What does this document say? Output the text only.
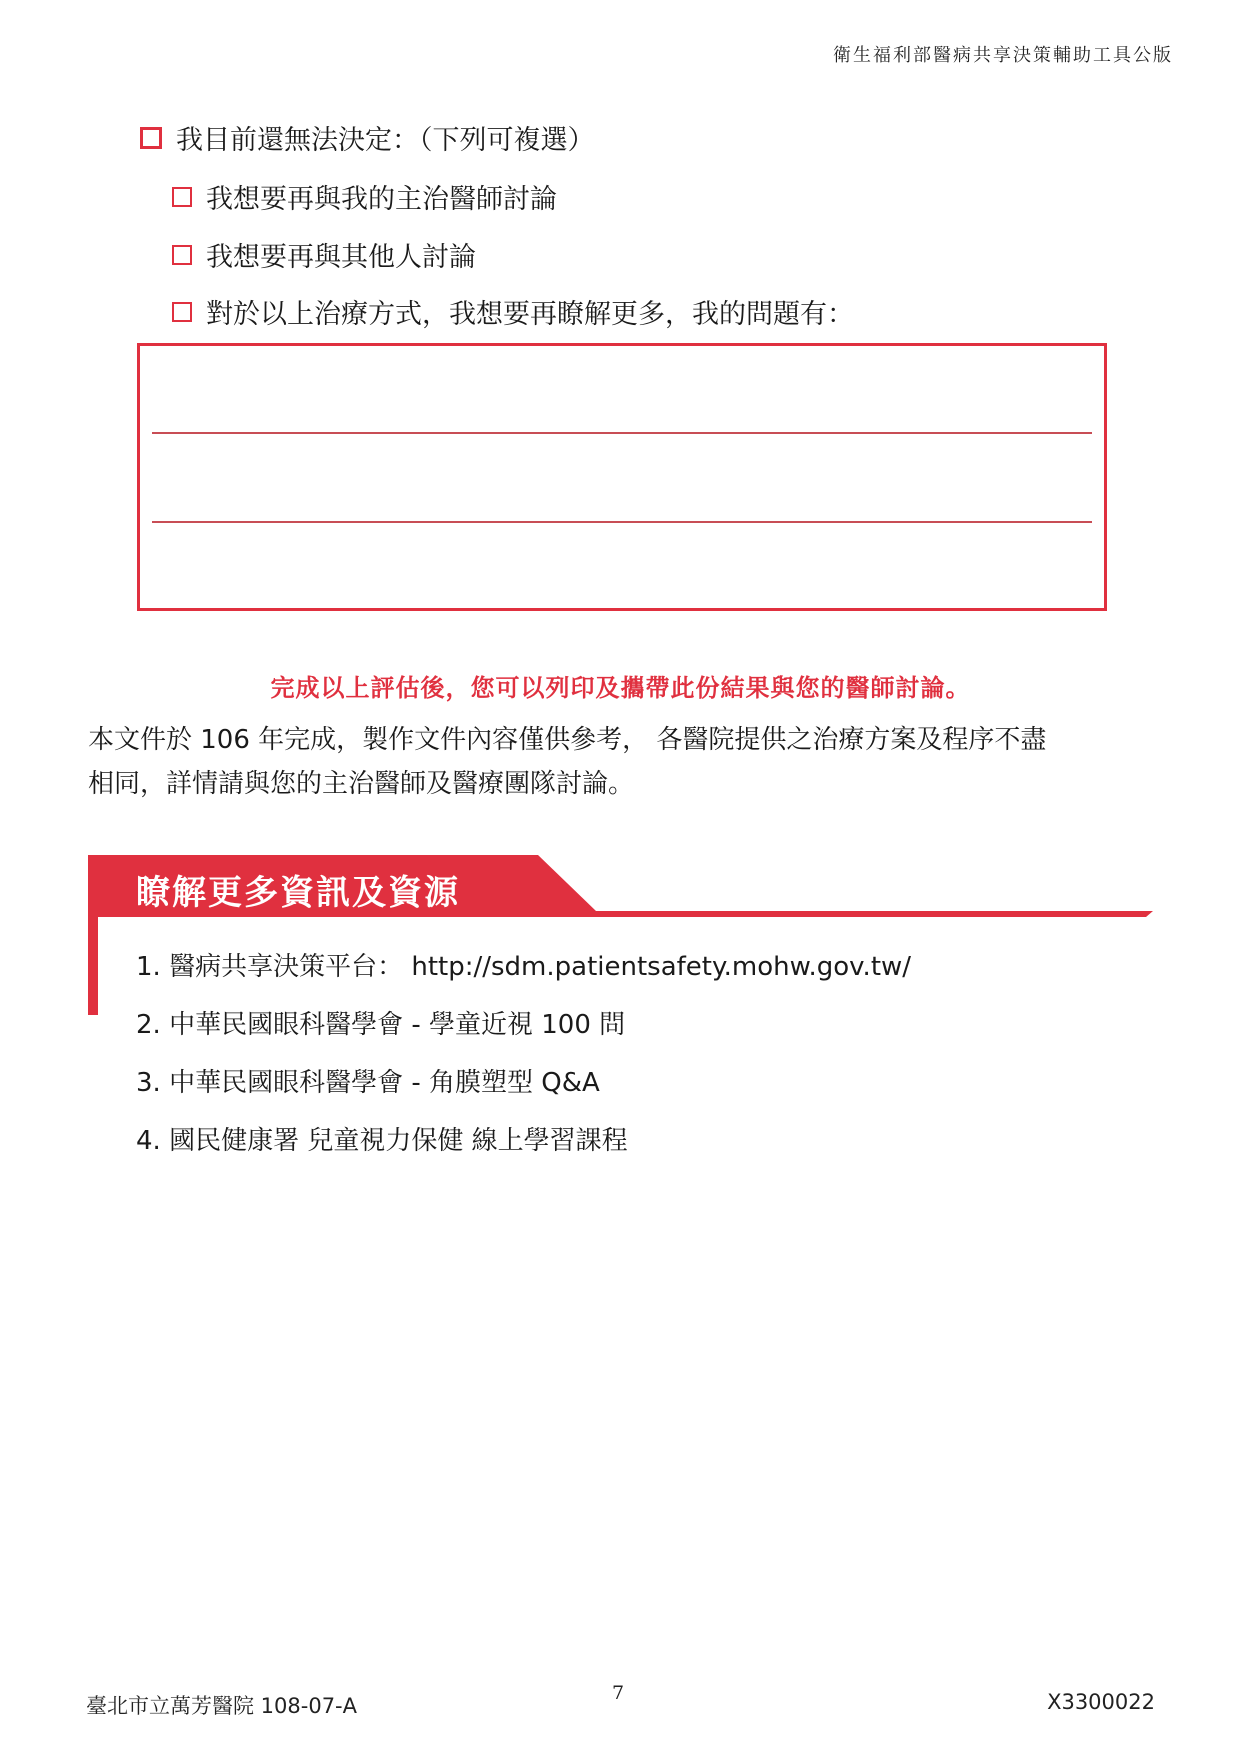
衛生福利部醫病共享決策輔助工具公版
我目前還無法決定：（下列可複選）
我想要再與我的主治醫師討論
我想要再與其他人討論
對於以上治療方式，我想要再瞭解更多，我的問題有：
完成以上評估後，您可以列印及攜帶此份結果與您的醫師討論。
本文件於 106 年完成，製作文件內容僅供參考， 各醫院提供之治療方案及程序不盡
相同，詳情請與您的主治醫師及醫療團隊討論。
瞭解更多資訊及資源
1. 醫病共享決策平台： http://sdm.patientsafety.mohw.gov.tw/
2. 中華民國眼科醫學會 - 學童近視 100 問
3. 中華民國眼科醫學會 - 角膜塑型 Q&A
4. 國民健康署 兒童視力保健 線上學習課程
臺北市立萬芳醫院 108-07-A
7	X3300022
